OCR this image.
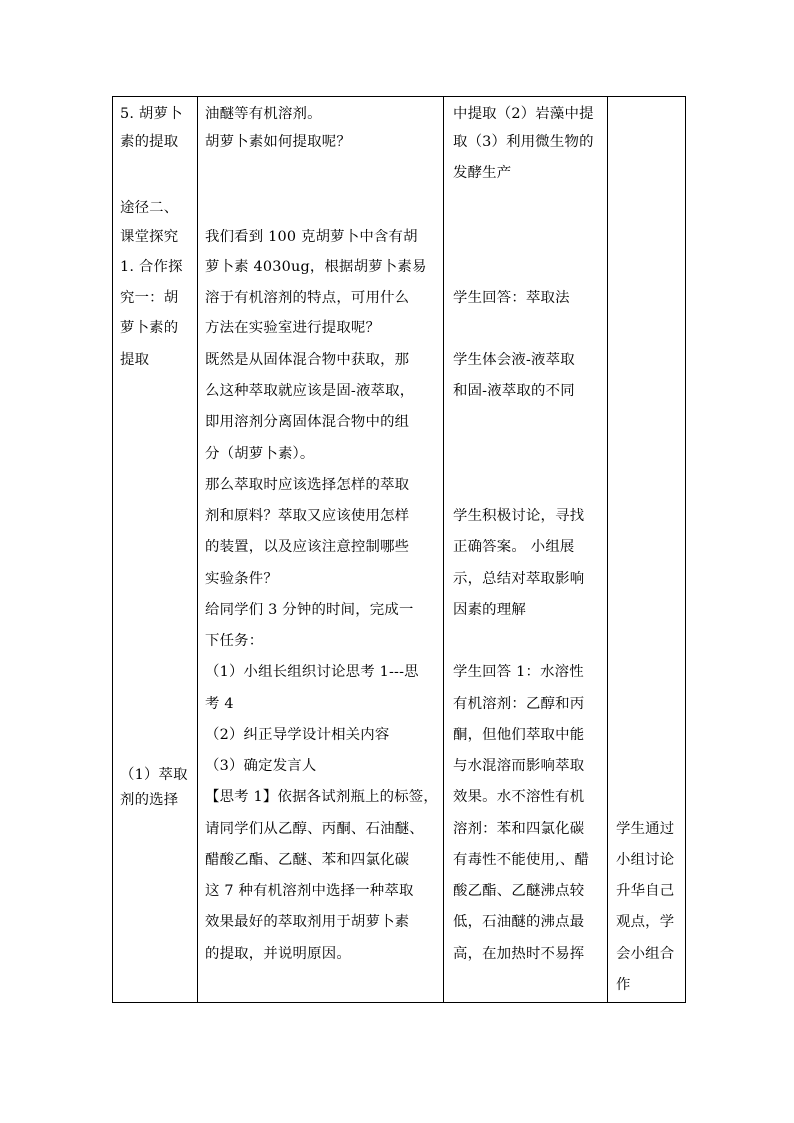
5. 胡萝卜
素的提取
途径二、
课堂探究
1. 合作探
究一：胡
萝卜素的
提取
（1）萃取
剂的选择

油醚等有机溶剂。
胡萝卜素如何提取呢？
我们看到 100 克胡萝卜中含有胡
萝卜素 4030ug，根据胡萝卜素易
溶于有机溶剂的特点，可用什么
方法在实验室进行提取呢？
既然是从固体混合物中获取，那
么这种萃取就应该是固-液萃取，
即用溶剂分离固体混合物中的组
分（胡萝卜素）。
那么萃取时应该选择怎样的萃取
剂和原料？萃取又应该使用怎样
的装置，以及应该注意控制哪些
实验条件？
给同学们 3 分钟的时间，完成一
下任务：
（1）小组长组织讨论思考 1---思
考 4
（2）纠正导学设计相关内容
（3）确定发言人
【思考 1】依据各试剂瓶上的标签，
请同学们从乙醇、丙酮、石油醚、
醋酸乙酯、乙醚、苯和四氯化碳
这 7 种有机溶剂中选择一种萃取
效果最好的萃取剂用于胡萝卜素
的提取，并说明原因。

中提取（2）岩藻中提
取（3）利用微生物的
发酵生产
学生回答：萃取法
学生体会液-液萃取
和固-液萃取的不同
学生积极讨论，寻找
正确答案。 小组展
示，总结对萃取影响
因素的理解
学生回答 1：水溶性
有机溶剂：乙醇和丙
酮，但他们萃取中能
与水混溶而影响萃取
效果。水不溶性有机
溶剂：苯和四氯化碳
有毒性不能使用,、醋
酸乙酯、乙醚沸点较
低，石油醚的沸点最
高，在加热时不易挥

学生通过
小组讨论
升华自己
观点，学
会小组合
作
